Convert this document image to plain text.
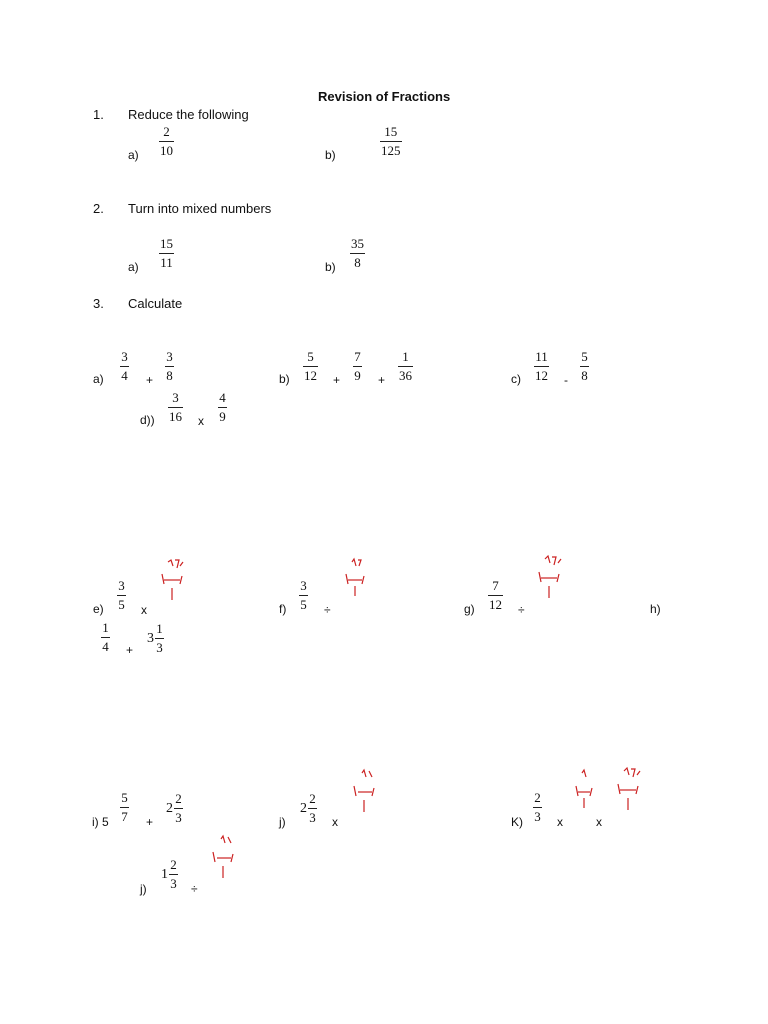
Revision of Fractions
1. Reduce the following
a)
2
10	b)
15
125
2. Turn into mixed numbers
a)
15
11	b)
35
8
3. Calculate
a)
3
4 +
3
8	b)
5
12 +
7
9 +
1
36	c)
11
12 -
5
8
d))
3
16 x
4
9
e)
3
5 x	f)
3
5 ÷	g)
7
12 ÷	h)
1
4 +
$3 \frac{1}{3}$
i) 5
5
7 +
$2 \frac{2}{3}$	j)
$2 \frac{2}{3}$ x	K)
2
3 x	x
j)
$1 \frac{2}{3}$ ÷
